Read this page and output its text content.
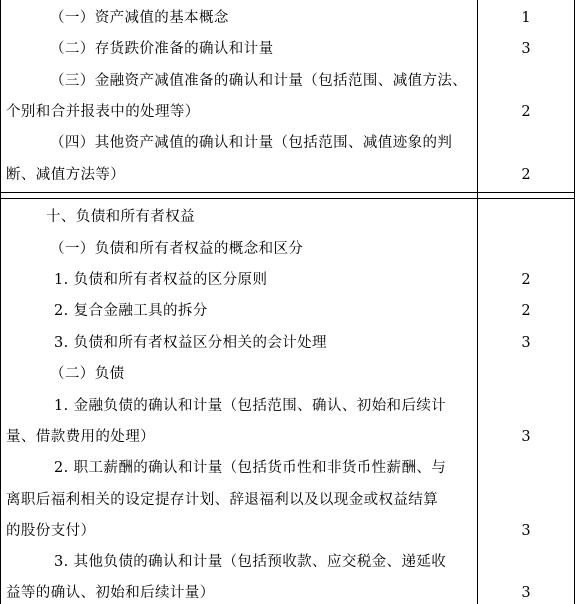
（一）资产减值的基本概念	1
（二）存货跌价准备的确认和计量	3
（三）金融资产减值准备的确认和计量（包括范围、减值方法、
个别和合并报表中的处理等）	2
（四）其他资产减值的确认和计量（包括范围、减值迹象的判
断、减值方法等）	2
十、负债和所有者权益
（一）负债和所有者权益的概念和区分
1. 负债和所有者权益的区分原则	2
2. 复合金融工具的拆分	2
3. 负债和所有者权益区分相关的会计处理	3
（二）负债
1. 金融负债的确认和计量（包括范围、确认、初始和后续计
量、借款费用的处理）	3
2. 职工薪酬的确认和计量（包括货币性和非货币性薪酬、与
离职后福利相关的设定提存计划、辞退福利以及以现金或权益结算
的股份支付）	3
3. 其他负债的确认和计量（包括预收款、应交税金、递延收
益等的确认、初始和后续计量）	3
